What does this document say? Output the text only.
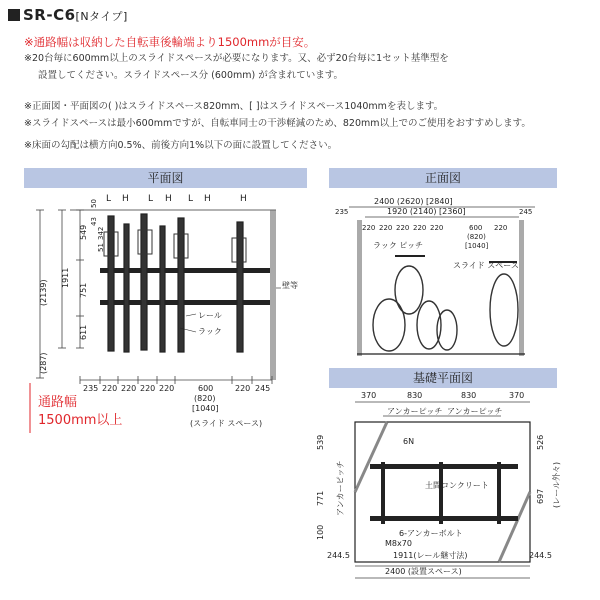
SR-C6[Nタイプ]
※通路幅は収納した自転車後輪端より1500mmが目安。
※20台毎に600mm以上のスライドスペースが必要になります。又、必ず20台毎に1セット基準型を
設置してください。スライドスペース分 (600mm) が含まれています。
※正面図・平面図の( )はスライドスペース820mm、[ ]はスライドスペース1040mmを表します。
※スライドスペースは最小600mmですが、自転車同士の干渉軽減のため、820mm以上でのご使用をおすすめします。
※床面の勾配は横方向0.5%、前後方向1%以下の面に設置してください。
平面図	正面図
基礎平面図
L H L H L H	H
50
43
342
51
549
1911
751
611
(2139)
(287)
レール
ラック
壁等
235 220 220 220 220	600	220 245
(820)
[1040]
(スライド スペース)
通路幅
1500mm以上
2400 (2620) [2840]
235	1920 (2140) [2360]	245
220 220 220 220 220	220
600
(820)
[1040]
ラック ピッチ
スライド スペース
370	830	830	370
アンカーピッチ アンカーピッチ
6N
土間コンクリート
6-アンカーボルト
M8x70
539
771
100
アンカーピッチ
526
697 (レール外々)
1911(レール継寸法)
2400 (設置スペース)
244.5	244.5
